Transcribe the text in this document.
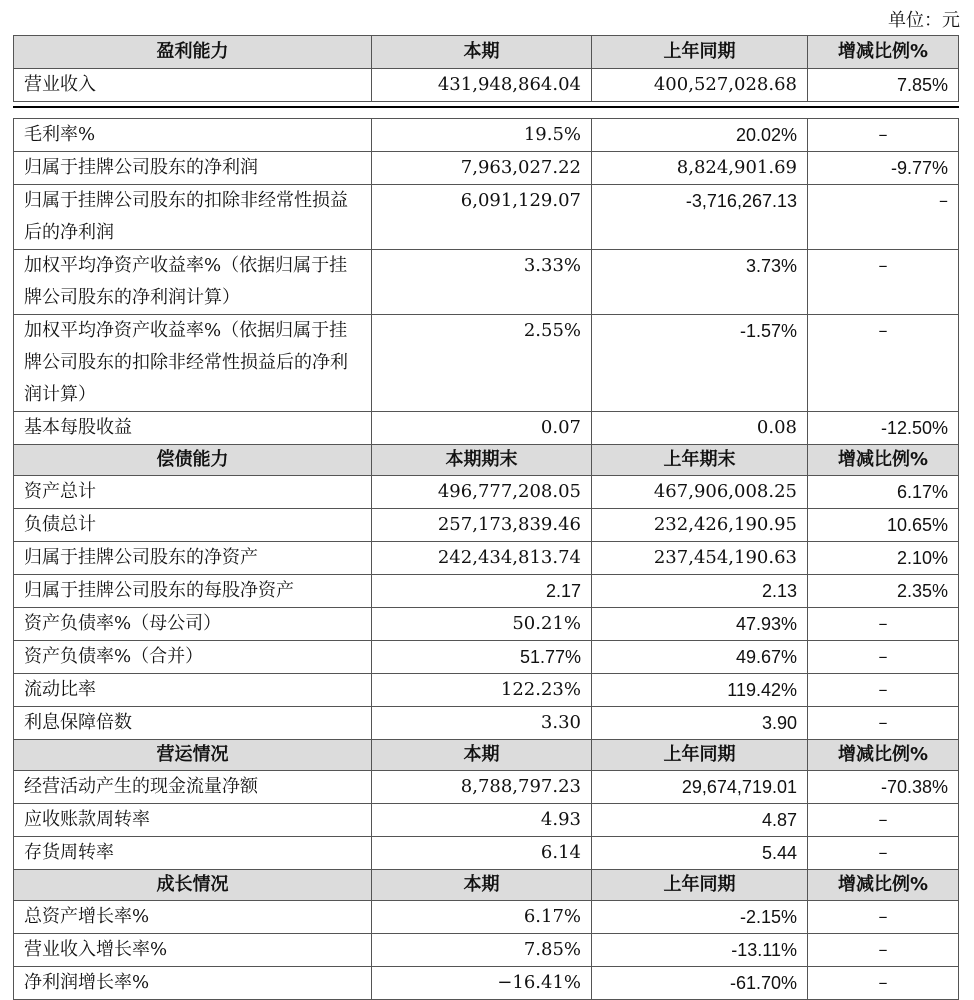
单位：元
盈利能力	本期	上年同期	增减比例%
营业收入	431,948,864.04	400,527,028.68	7.85%
毛利率%	19.5%	20.02%	–
归属于挂牌公司股东的净利润	7,963,027.22	8,824,901.69	-9.77%
归属于挂牌公司股东的扣除非经常性损益后的净利润	6,091,129.07	-3,716,267.13	–
加权平均净资产收益率%（依据归属于挂牌公司股东的净利润计算）	3.33%	3.73%	–
加权平均净资产收益率%（依据归属于挂牌公司股东的扣除非经常性损益后的净利润计算）	2.55%	-1.57%	–
基本每股收益	0.07	0.08	-12.50%
偿债能力	本期期末	上年期末	增减比例%
资产总计	496,777,208.05	467,906,008.25	6.17%
负债总计	257,173,839.46	232,426,190.95	10.65%
归属于挂牌公司股东的净资产	242,434,813.74	237,454,190.63	2.10%
归属于挂牌公司股东的每股净资产	2.17	2.13	2.35%
资产负债率%（母公司）	50.21%	47.93%	–
资产负债率%（合并）	51.77%	49.67%	–
流动比率	122.23%	119.42%	–
利息保障倍数	3.30	3.90	–
营运情况	本期	上年同期	增减比例%
经营活动产生的现金流量净额	8,788,797.23	29,674,719.01	-70.38%
应收账款周转率	4.93	4.87	–
存货周转率	6.14	5.44	–
成长情况	本期	上年同期	增减比例%
总资产增长率%	6.17%	-2.15%	–
营业收入增长率%	7.85%	-13.11%	–
净利润增长率%	−16.41%	-61.70%	–
